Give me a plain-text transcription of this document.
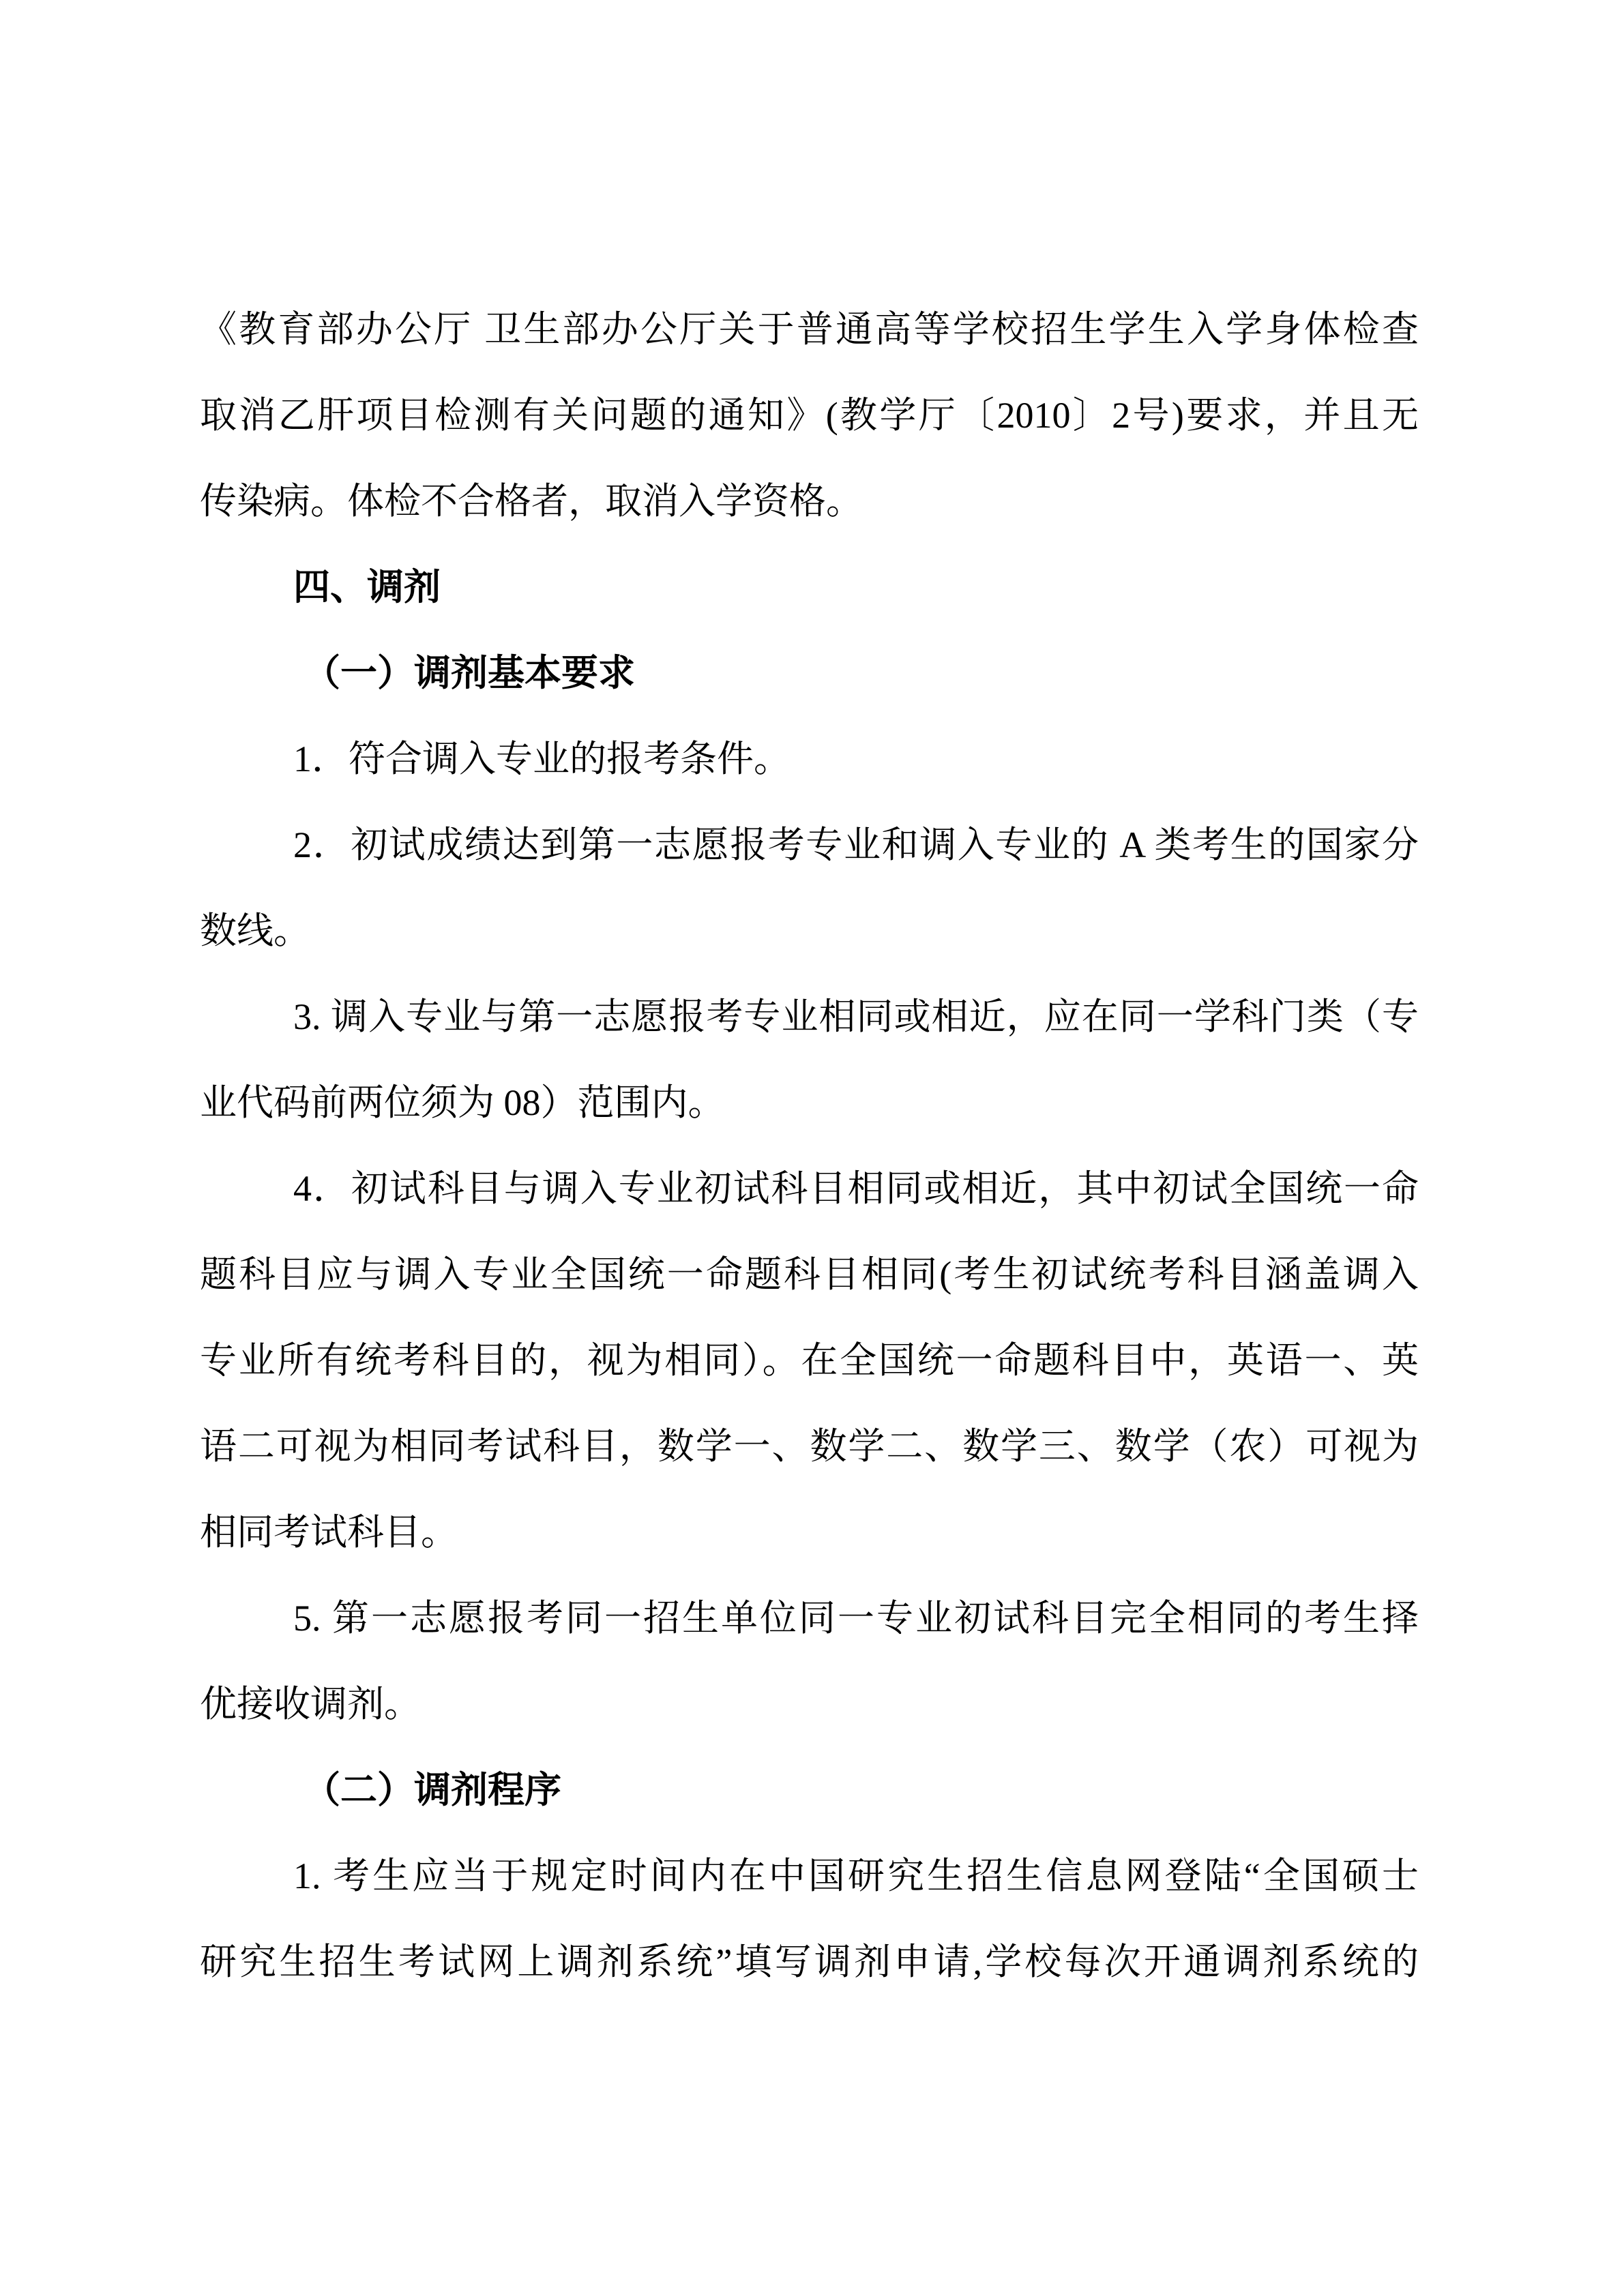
《教育部办公厅 卫生部办公厅关于普通高等学校招生学生入学身体检查
取消乙肝项目检测有关问题的通知》(教学厅〔2010〕2号)要求，并且无
传染病。体检不合格者，取消入学资格。
四、调剂
（一）调剂基本要求
1．符合调入专业的报考条件。
2．初试成绩达到第一志愿报考专业和调入专业的 A 类考生的国家分
数线。
3. 调入专业与第一志愿报考专业相同或相近，应在同一学科门类（专
业代码前两位须为 08）范围内。
4．初试科目与调入专业初试科目相同或相近，其中初试全国统一命
题科目应与调入专业全国统一命题科目相同(考生初试统考科目涵盖调入
专业所有统考科目的，视为相同）。在全国统一命题科目中，英语一、英
语二可视为相同考试科目，数学一、数学二、数学三、数学（农）可视为
相同考试科目。
5. 第一志愿报考同一招生单位同一专业初试科目完全相同的考生择
优接收调剂。
（二）调剂程序
1. 考生应当于规定时间内在中国研究生招生信息网登陆“全国硕士
研究生招生考试网上调剂系统”填写调剂申请,学校每次开通调剂系统的
